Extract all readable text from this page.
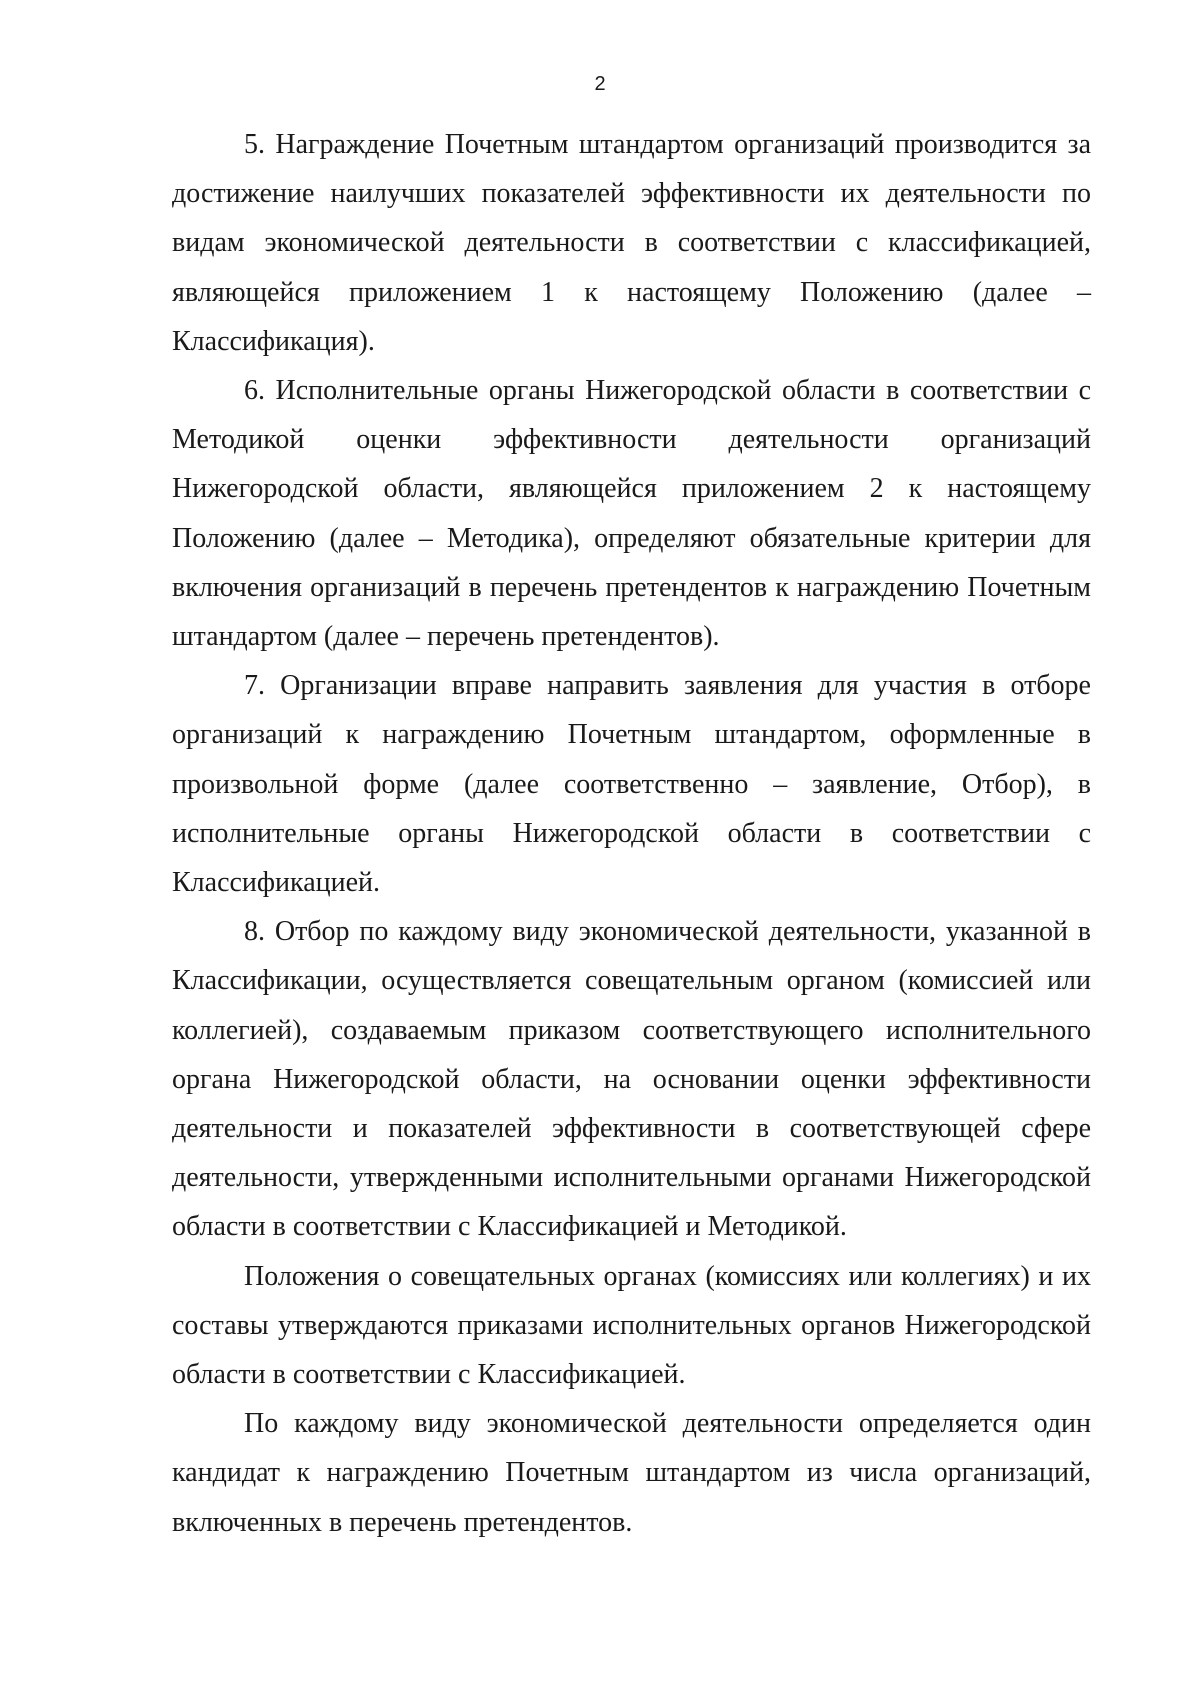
2

5. Награждение Почетным штандартом организаций производится за достижение наилучших показателей эффективности их деятельности по видам экономической деятельности в соответствии с классификацией, являющейся приложением 1 к настоящему Положению (далее – Классификация).

6. Исполнительные органы Нижегородской области в соответствии с Методикой оценки эффективности деятельности организаций Нижегородской области, являющейся приложением 2 к настоящему Положению (далее – Методика), определяют обязательные критерии для включения организаций в перечень претендентов к награждению Почетным штандартом (далее – перечень претендентов).

7. Организации вправе направить заявления для участия в отборе организаций к награждению Почетным штандартом, оформленные в произвольной форме (далее соответственно – заявление, Отбор), в исполнительные органы Нижегородской области в соответствии с Классификацией.

8. Отбор по каждому виду экономической деятельности, указанной в Классификации, осуществляется совещательным органом (комиссией или коллегией), создаваемым приказом соответствующего исполнительного органа Нижегородской области, на основании оценки эффективности деятельности и показателей эффективности в соответствующей сфере деятельности, утвержденными исполнительными органами Нижегородской области в соответствии с Классификацией и Методикой.

Положения о совещательных органах (комиссиях или коллегиях) и их составы утверждаются приказами исполнительных органов Нижегородской области в соответствии с Классификацией.

По каждому виду экономической деятельности определяется один кандидат к награждению Почетным штандартом из числа организаций, включенных в перечень претендентов.
